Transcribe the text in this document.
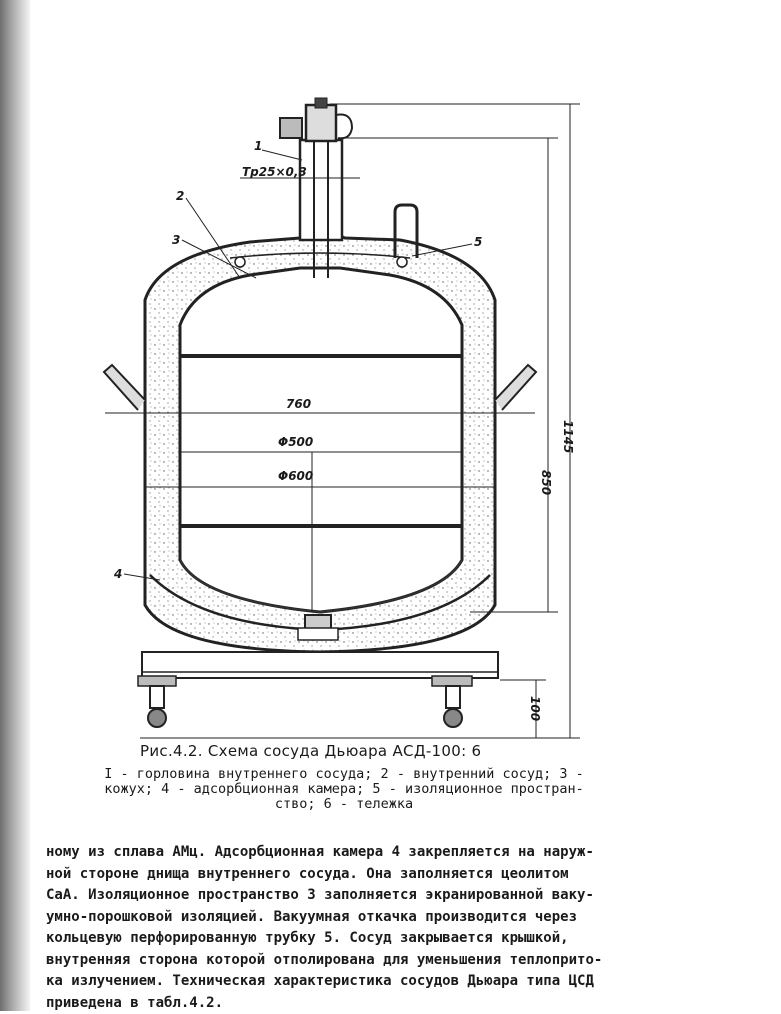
1
Тр25×0,3
2
3	5
4
760
Φ500
Φ600	850
1145
100
Рис.4.2. Схема сосуда Дьюара АСД-100: 6
I - горловина внутреннего сосуда; 2 - внутренний сосуд; 3 -
кожух; 4 - адсорбционная камера; 5 - изоляционное простран-
ство; 6 - тележка

ному из сплава АМц. Адсорбционная камера 4 закрепляется на наруж-

ной стороне днища внутреннего сосуда. Она заполняется цеолитом

СаА. Изоляционное пространство 3 заполняется экранированной ваку-

умно-порошковой изоляцией. Вакуумная откачка производится через

кольцевую перфорированную трубку 5. Сосуд закрывается крышкой,

внутренняя сторона которой отполирована для уменьшения теплоприто-

ка излучением. Техническая характеристика сосудов Дьюара типа ЦСД

приведена в табл.4.2.
